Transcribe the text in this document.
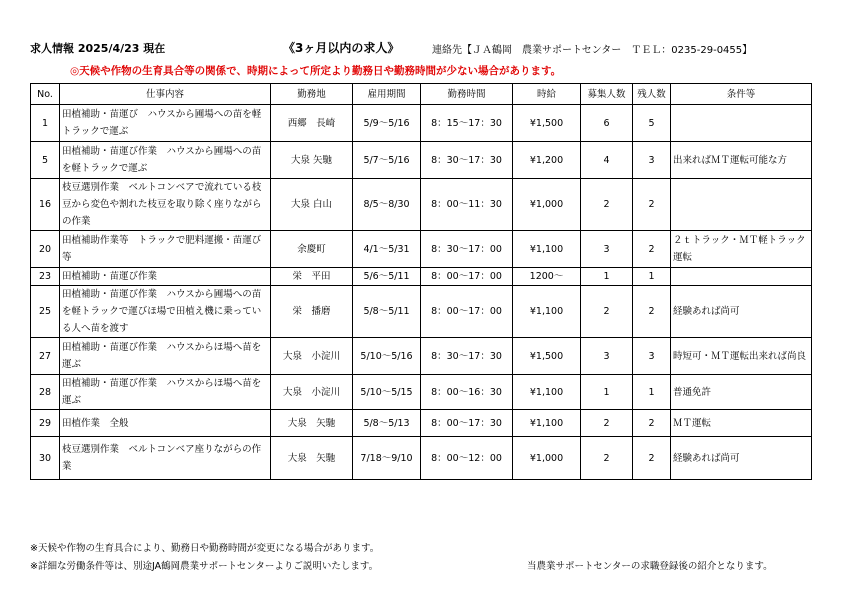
求人情報 2025/4/23 現在	《3ヶ月以内の求人》	連絡先【ＪＡ鶴岡　農業サポートセンター　ＴＥＬ：0235-29-0455】
◎天候や作物の生育具合等の関係で、時期によって所定より勤務日や勤務時間が少ない場合があります。
No.	仕事内容	勤務地	雇用期間	勤務時間	時給	募集人数	残人数	条件等
1	田植補助・苗運び　ハウスから圃場への苗を軽トラックで運ぶ	西郷　長崎	5/9～5/16	8：15～17：30	¥1,500	6	5	
5	田植補助・苗運び作業　ハウスから圃場への苗を軽トラックで運ぶ	大泉 矢馳	5/7～5/16	8：30～17：30	¥1,200	4	3	出来ればＭＴ運転可能な方
16	枝豆選別作業　ベルトコンベアで流れている枝豆から変色や割れた枝豆を取り除く座りながらの作業	大泉 白山	8/5～8/30	8：00～11：30	¥1,000	2	2	
20	田植補助作業等　トラックで肥料運搬・苗運び等	余慶町	4/1～5/31	8：30～17：00	¥1,100	3	2	２ｔトラック・ＭＴ軽トラック運転
23	田植補助・苗運び作業	栄　平田	5/6～5/11	8：00～17：00	1200～	1	1	
25	田植補助・苗運び作業　ハウスから圃場への苗を軽トラックで運びほ場で田植え機に乗っている人へ苗を渡す	栄　播磨	5/8～5/11	8：00～17：00	¥1,100	2	2	経験あれば尚可
27	田植補助・苗運び作業　ハウスからほ場へ苗を運ぶ	大泉　小淀川	5/10～5/16	8：30～17：30	¥1,500	3	3	時短可・ＭＴ運転出来れば尚良
28	田植補助・苗運び作業　ハウスからほ場へ苗を運ぶ	大泉　小淀川	5/10～5/15	8：00～16：30	¥1,100	1	1	普通免許
29	田植作業　全般	大泉　矢馳	5/8～5/13	8：00～17：30	¥1,100	2	2	ＭＴ運転
30	枝豆選別作業　ベルトコンベア座りながらの作業	大泉　矢馳	7/18～9/10	8：00～12：00	¥1,000	2	2	経験あれば尚可
※天候や作物の生育具合により、勤務日や勤務時間が変更になる場合があります。
※詳細な労働条件等は、別途JA鶴岡農業サポートセンターよりご説明いたします。	当農業サポートセンターの求職登録後の紹介となります。
